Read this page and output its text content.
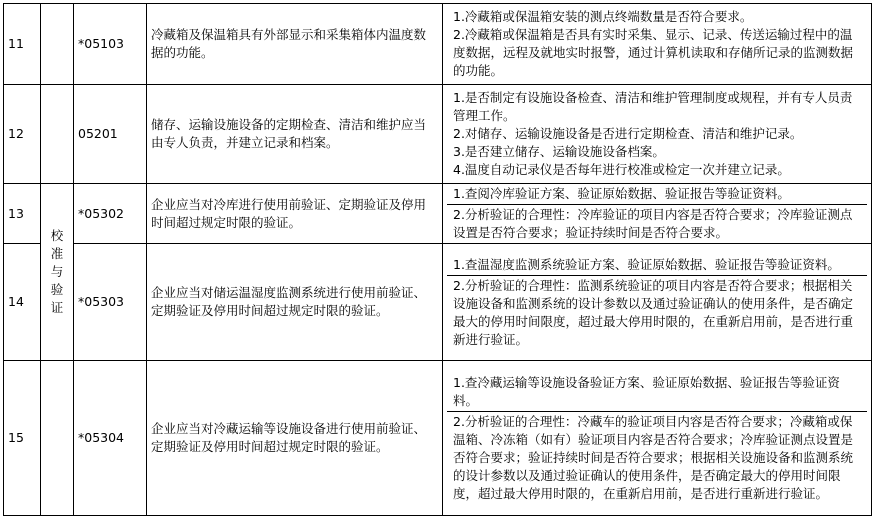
11		*05103	冷藏箱及保温箱具有外部显示和采集箱体内温度数据的功能。	1.冷藏箱或保温箱安装的测点终端数量是否符合要求。
2.冷藏箱或保温箱是否具有实时采集、显示、记录、传送运输过程中的温度数据，远程及就地实时报警，通过计算机读取和存储所记录的监测数据的功能。

12		05201	储存、运输设施设备的定期检查、清洁和维护应当由专人负责，并建立记录和档案。	1.是否制定有设施设备检查、清洁和维护管理制度或规程，并有专人员责管理工作。
2.对储存、运输设施设备是否进行定期检查、清洁和维护记录。
3.是否建立储存、运输设施设备档案。
4.温度自动记录仪是否每年进行校准或检定一次并建立记录。

13	校准与验证	*05302	企业应当对冷库进行使用前验证、定期验证及停用时间超过规定时限的验证。	1.查阅冷库验证方案、验证原始数据、验证报告等验证资料。
2.分析验证的合理性：冷库验证的项目内容是否符合要求；冷库验证测点设置是否符合要求；验证持续时间是否符合要求。

14		*05303	企业应当对储运温湿度监测系统进行使用前验证、定期验证及停用时间超过规定时限的验证。	1.查温湿度监测系统验证方案、验证原始数据、验证报告等验证资料。
2.分析验证的合理性：监测系统验证的项目内容是否符合要求；根据相关设施设备和监测系统的设计参数以及通过验证确认的使用条件，是否确定最大的停用时间限度，超过最大停用时限的，在重新启用前，是否进行重新进行验证。

15		*05304	企业应当对冷藏运输等设施设备进行使用前验证、定期验证及停用时间超过规定时限的验证。	1.查冷藏运输等设施设备验证方案、验证原始数据、验证报告等验证资料。
2.分析验证的合理性：冷藏车的验证项目内容是否符合要求；冷藏箱或保温箱、冷冻箱（如有）验证项目内容是否符合要求；冷库验证测点设置是否符合要求；验证持续时间是否符合要求；根据相关设施设备和监测系统的设计参数以及通过验证确认的使用条件，是否确定最大的停用时间限度，超过最大停用时限的，在重新启用前，是否进行重新进行验证。
